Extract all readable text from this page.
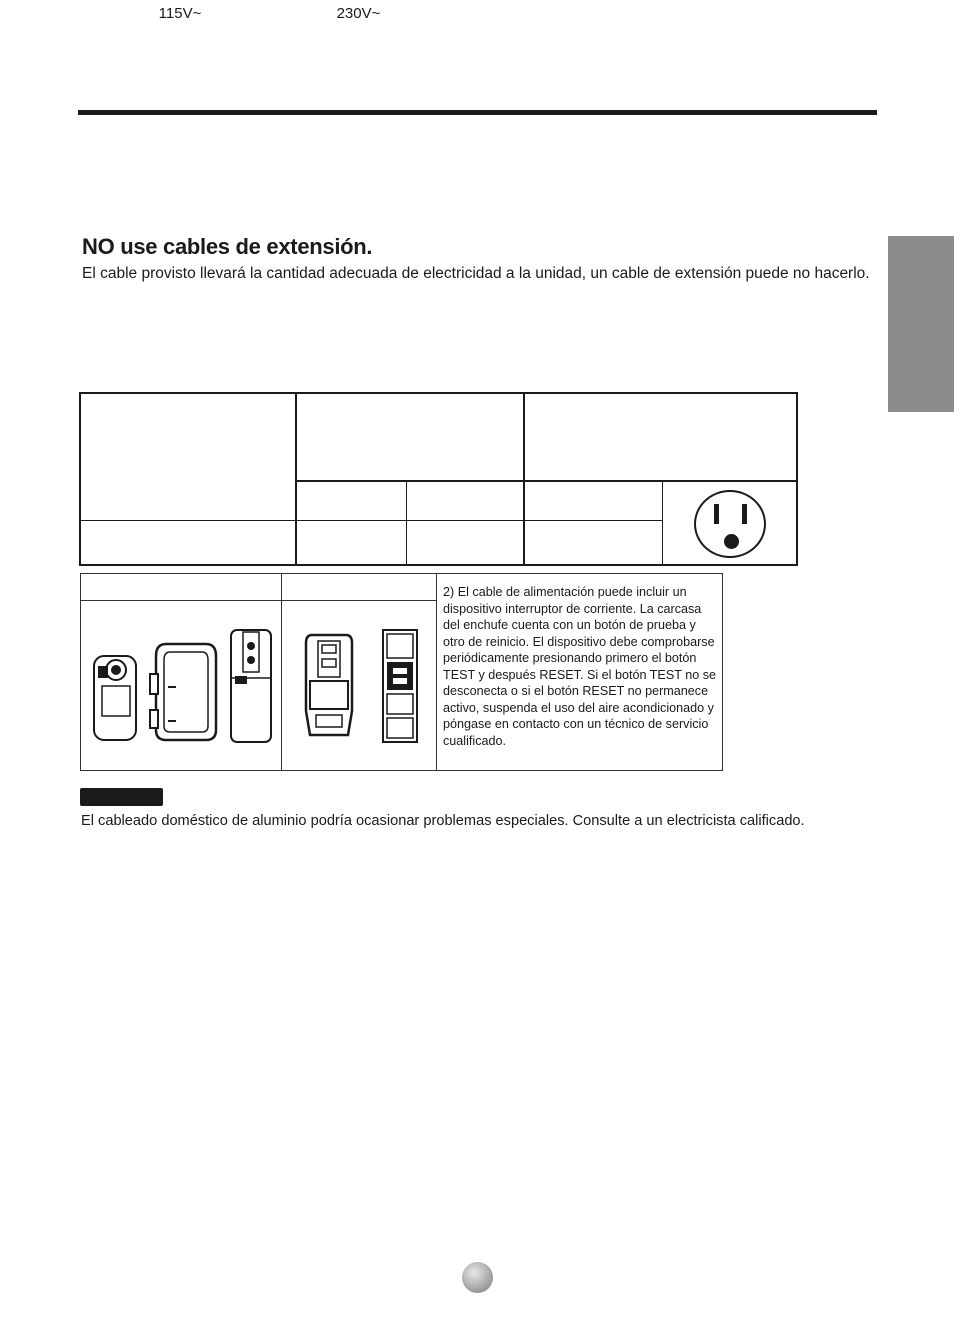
NO use cables de extensión.
El cable provisto llevará la cantidad adecuada de electricidad a la unidad, un cable de extensión puede no hacerlo.
115V~	230V~
2) El cable de alimentación puede incluir un dispositivo interruptor de corriente. La carcasa del enchufe cuenta con un botón de prueba y otro de reinicio. El dispositivo debe comprobarse periódicamente presionando primero el botón TEST y después RESET. Si el botón TEST no se desconecta o si el botón RESET no permanece activo, suspenda el uso del aire acondicionado y póngase en contacto con un técnico de servicio cualificado.
El cableado doméstico de aluminio podría ocasionar problemas especiales. Consulte a un electricista calificado.
